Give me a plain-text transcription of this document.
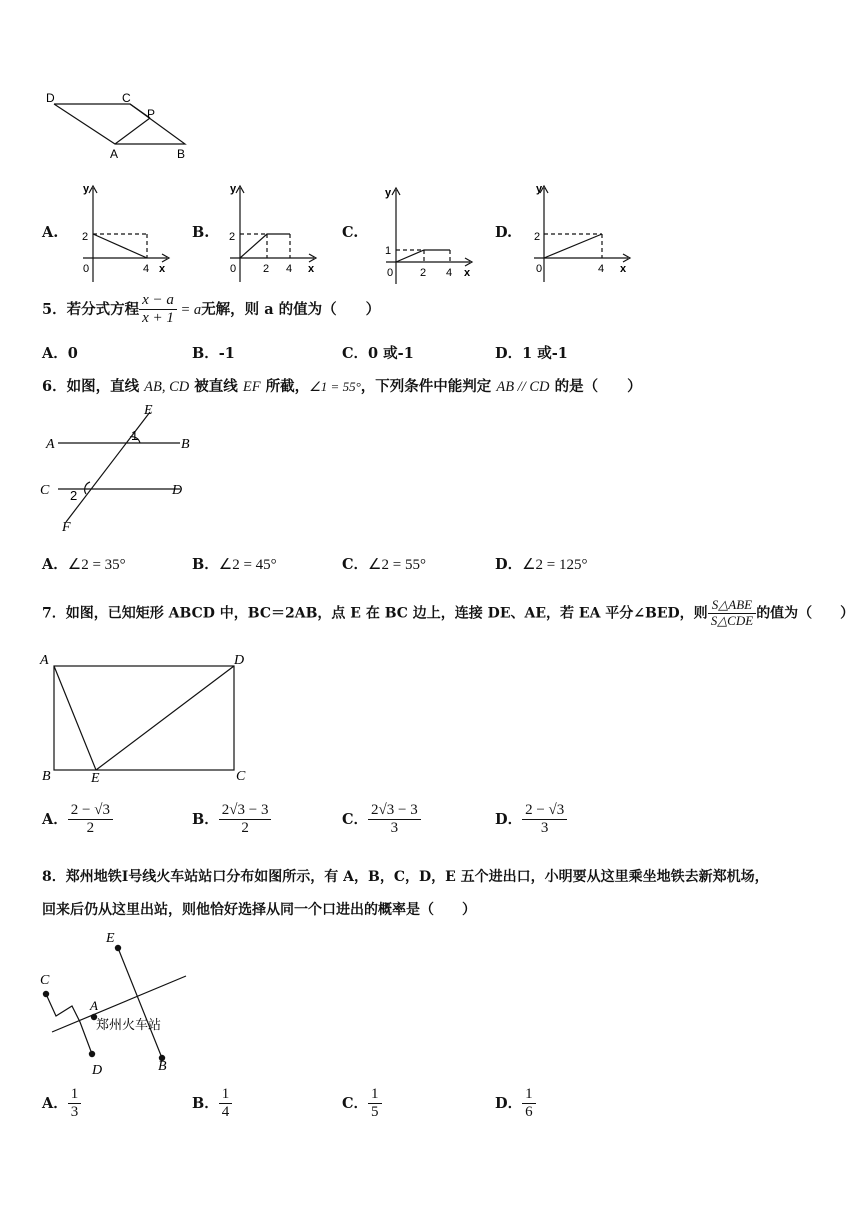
D	C
P
A	B
A.
y
x
0
2
4
B.
y
x
0
2
2 4
C.
y
x
0
1
2 4
D.
y
x
0
2
4
5．若分式方程 $\frac{x - a}{x + 1} = a$无解，则 a 的值为（　　）
A．0	B．-1	C．0 或-1	D．1 或-1
6．如图，直线 AB, CD 被直线 EF 所截，∠1 = 55°，下列条件中能判定 AB // CD 的是（　　）
E
A	B
1
C	D
2
F
A．∠2 = 35°	B．∠2 = 45°	C．∠2 = 55°	D．∠2 = 125°
7．如图，已知矩形 ABCD 中，BC＝2AB，点 E 在 BC 边上，连接 DE、AE，若 EA 平分∠BED，则 $\frac{\text{S△ABE}}{\text{S△CDE}}$ 的值为（　　）
A	D
B	E	C
A． $\frac{2 - √3}{2}$	B． $\frac{2√3 - 3}{2}$	C． $\frac{2√3 - 3}{3}$	D． $\frac{2 - √3}{3}$
8．郑州地铁I号线火车站站口分布如图所示，有 A，B，C，D，E 五个进出口，小明要从这里乘坐地铁去新郑机场，
回来后仍从这里出站，则他恰好选择从同一个口进出的概率是（　　）
E
C
A
D	B
郑州火车站
A． $\frac{1}{3}$	B． $\frac{1}{4}$	C． $\frac{1}{5}$	D． $\frac{1}{6}$
